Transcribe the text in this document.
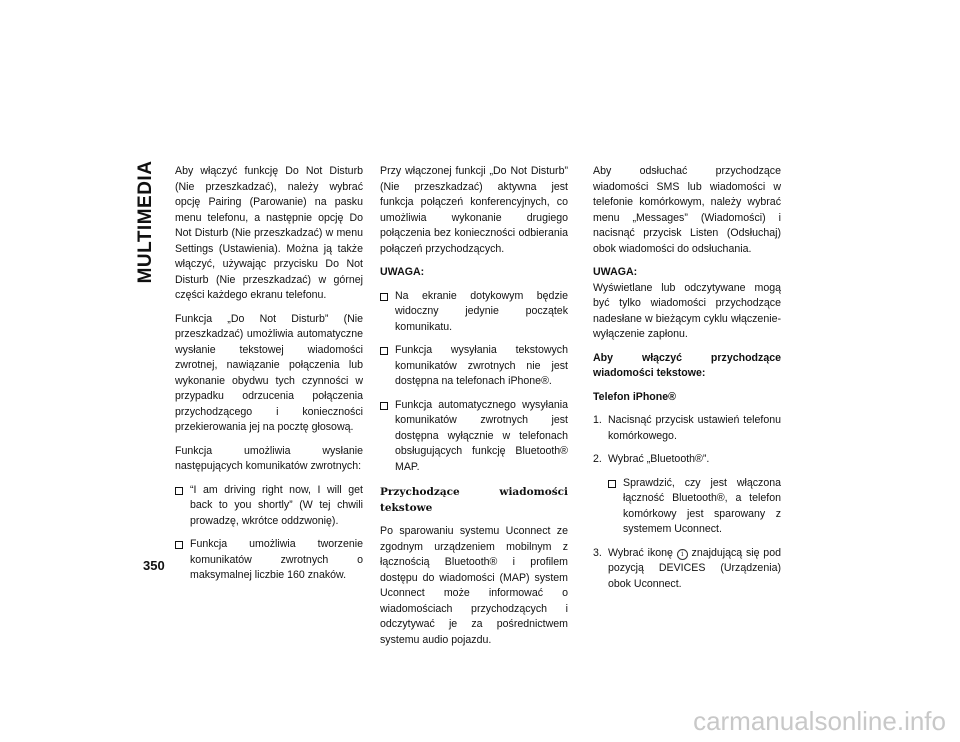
MULTIMEDIA Aby włączyć funkcję Do Not Disturb (Nie przeszkadzać), należy wybrać opcję Pairing (Parowanie) na pasku menu telefonu, a następnie opcję Do Not Disturb (Nie przeszkadzać) w menu Settings (Ustawienia). Można ją także włączyć, używając przycisku Do Not Disturb (Nie przeszkadzać) w górnej części każdego ekranu telefonu.

Funkcja „Do Not Disturb” (Nie przeszkadzać) umożliwia automatyczne wysłanie tekstowej wiadomości zwrotnej, nawiązanie połączenia lub wykonanie obydwu tych czynności w przypadku odrzucenia połączenia przychodzącego i konieczności przekierowania jej na pocztę głosową.

Funkcja umożliwia wysłanie następujących komunikatów zwrotnych:

“I am driving right now, I will get back to you shortly” (W tej chwili prowadzę, wkrótce oddzwonię).
Funkcja umożliwia tworzenie komunikatów zwrotnych o maksymalnej liczbie 160 znaków.

Przy włączonej funkcji „Do Not Disturb” (Nie przeszkadzać) aktywna jest funkcja połączeń konferencyjnych, co umożliwia wykonanie drugiego połączenia bez konieczności odbierania połączeń przychodzących.

UWAGA:

Na ekranie dotykowym będzie widoczny jedynie początek komunikatu.
Funkcja wysyłania tekstowych komunikatów zwrotnych nie jest dostępna na telefonach iPhone®.
Funkcja automatycznego wysyłania komunikatów zwrotnych jest dostępna wyłącznie w telefonach obsługujących funkcję Bluetooth® MAP.
Przychodzące wiadomości tekstowe

Po sparowaniu systemu Uconnect ze zgodnym urządzeniem mobilnym z łącznością Bluetooth® i profilem dostępu do wiadomości (MAP) system Uconnect może informować o wiadomościach przychodzących i odczytywać je za pośrednictwem systemu audio pojazdu.

Aby odsłuchać przychodzące wiadomości SMS lub wiadomości w telefonie komórkowym, należy wybrać menu „Messages” (Wiadomości) i nacisnąć przycisk Listen (Odsłuchaj) obok wiadomości do odsłuchania.

UWAGA:

Wyświetlane lub odczytywane mogą być tylko wiadomości przychodzące nadesłane w bieżącym cyklu włączenie-wyłączenie zapłonu.

Aby włączyć przychodzące wiadomości tekstowe:

Telefon iPhone®

1. Nacisnąć przycisk ustawień telefonu komórkowego.
2. Wybrać „Bluetooth®”.
Sprawdzić, czy jest włączona łączność Bluetooth®, a telefon komórkowy jest sparowany z systemem Uconnect.
3. Wybrać ikonę i znajdującą się pod pozycją DEVICES (Urządzenia) obok Uconnect.
350
carmanualsonline.info
